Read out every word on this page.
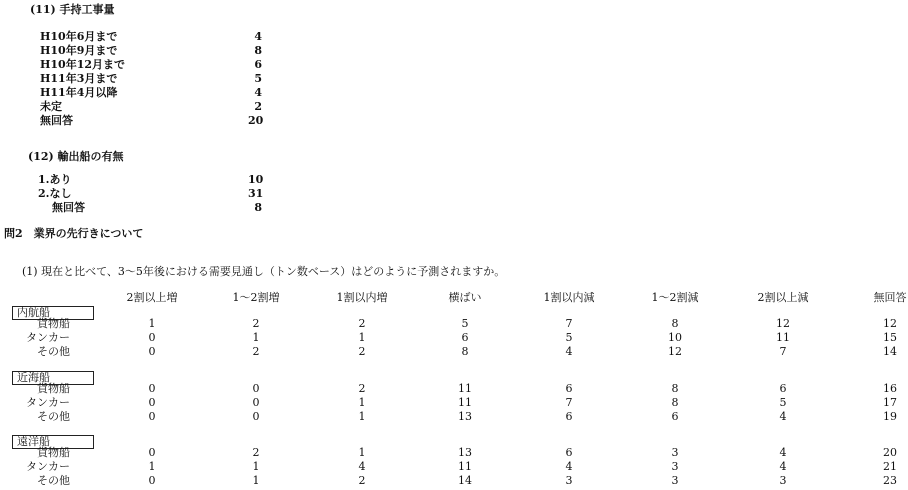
(11) 手持工事量
H10年6月まで	4
H10年9月まで	8
H10年12月まで	6
H11年3月まで	5
H11年4月以降	4
未定	2
無回答	20
(12) 輸出船の有無
1.あり	10
2.なし	31
無回答	8
問2　業界の先行きについて
(1) 現在と比べて、3～5年後における需要見通し（トン数ベース）はどのように予測されますか。
2割以上増	1～2割増	1割以内増	横ばい	1割以内減	1～2割減	2割以上減	無回答
内航船
貨物船	1	2	2	5	7	8	12	12
タンカー	0	1	1	6	5	10	11	15
その他	0	2	2	8	4	12	7	14
近海船
貨物船	0	0	2	11	6	8	6	16
タンカー	0	0	1	11	7	8	5	17
その他	0	0	1	13	6	6	4	19
遠洋船
貨物船	0	2	1	13	6	3	4	20
タンカー	1	1	4	11	4	3	4	21
その他	0	1	2	14	3	3	3	23
